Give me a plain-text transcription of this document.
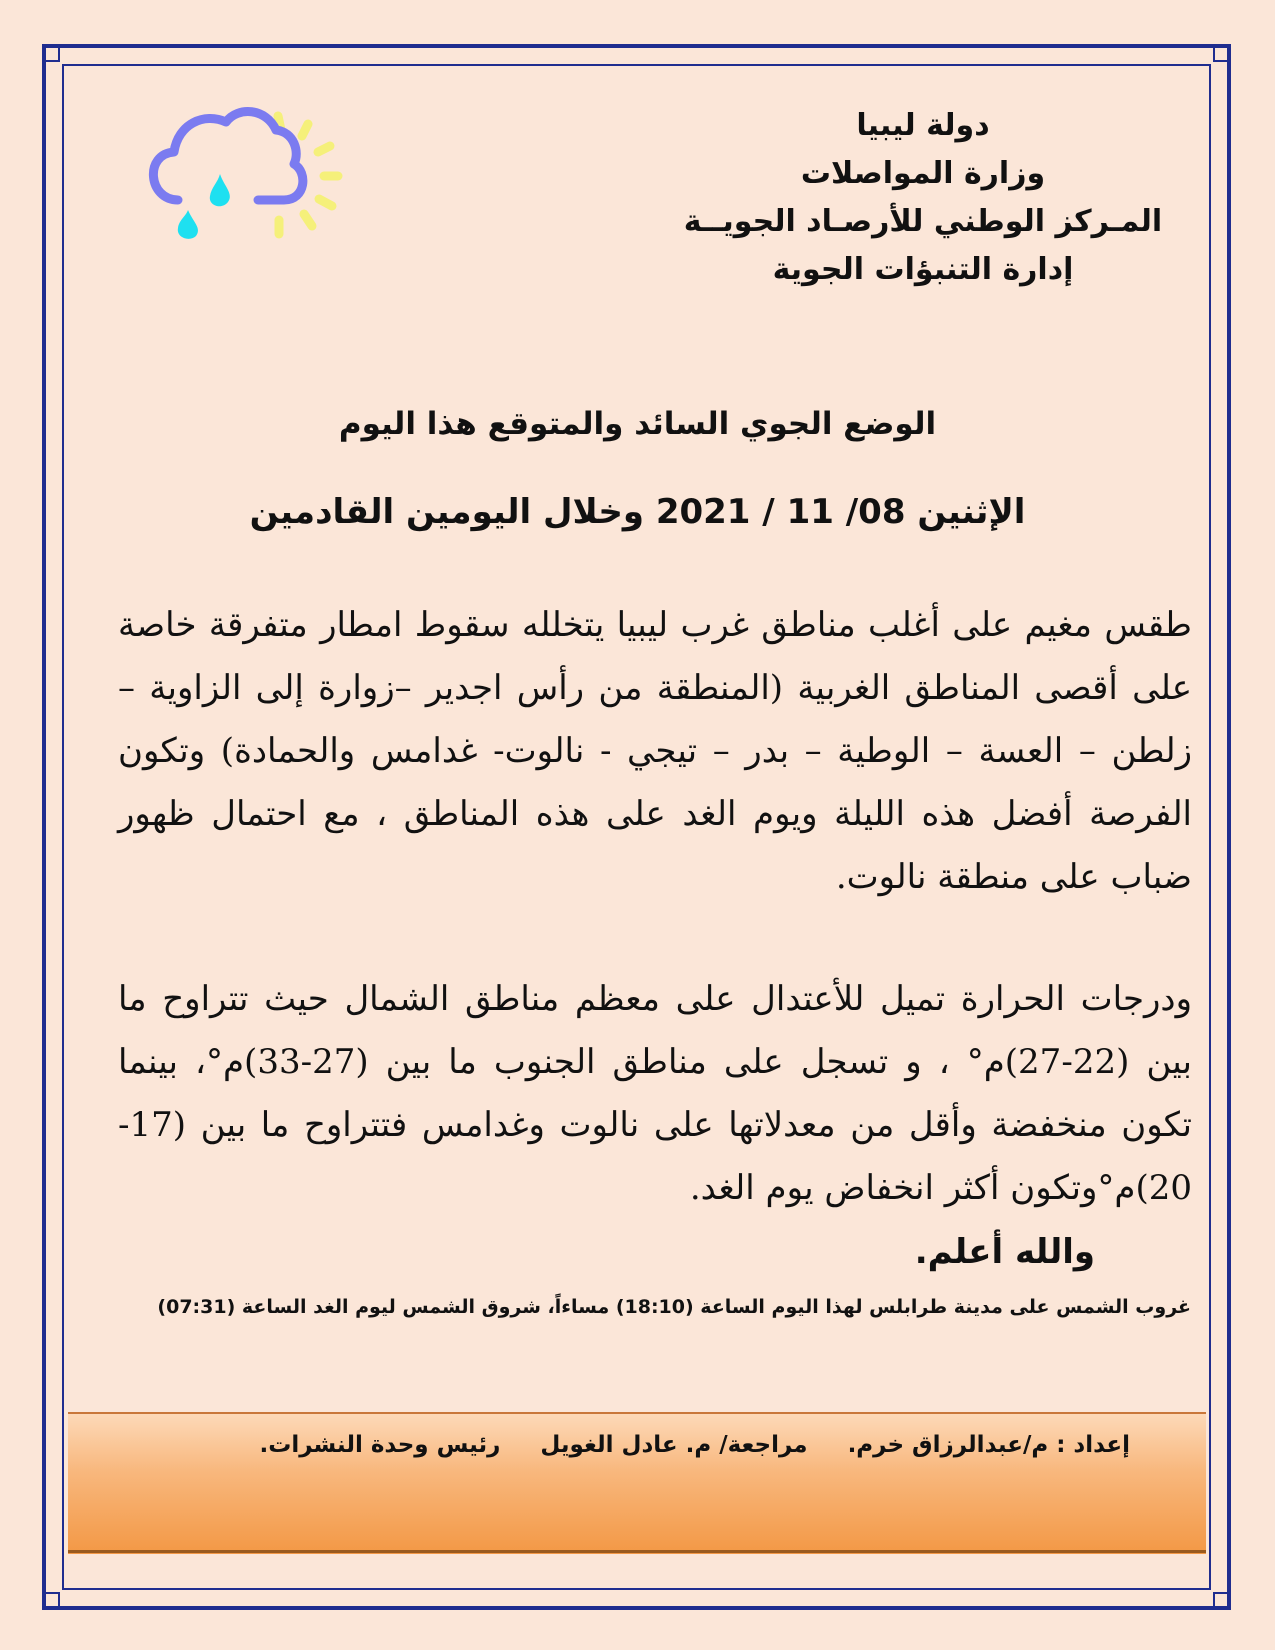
دولة ليبيا
وزارة المواصلات
المـركز الوطني للأرصـاد الجويــة
إدارة التنبؤات الجوية
الوضع الجوي السائد والمتوقع هذا اليوم
الإثنين 08/ 11 / 2021 وخلال اليومين القادمين
طقس مغيم على أغلب مناطق غرب ليبيا يتخلله سقوط امطار متفرقة خاصة على أقصى المناطق الغربية (المنطقة من رأس اجدير –زوارة إلى الزاوية – زلطن – العسة – الوطية – بدر – تيجي - نالوت- غدامس والحمادة) وتكون الفرصة أفضل هذه الليلة ويوم الغد على هذه المناطق ، مع احتمال ظهور ضباب على منطقة نالوت.
ودرجات الحرارة تميل للأعتدال على معظم مناطق الشمال حيث تتراوح ما بين (22-27)م° ، و تسجل على مناطق الجنوب ما بين (27-33)م°، بينما تكون منخفضة وأقل من معدلاتها على نالوت وغدامس فتتراوح ما بين (17-20)م°وتكون أكثر انخفاض يوم الغد.
والله أعلم.
غروب الشمس على مدينة طرابلس لهذا اليوم الساعة (18:10) مساءاً، شروق الشمس ليوم الغد الساعة (07:31)
إعداد : م/عبدالرزاق خرم. مراجعة/ م. عادل الغويل رئيس وحدة النشرات.
